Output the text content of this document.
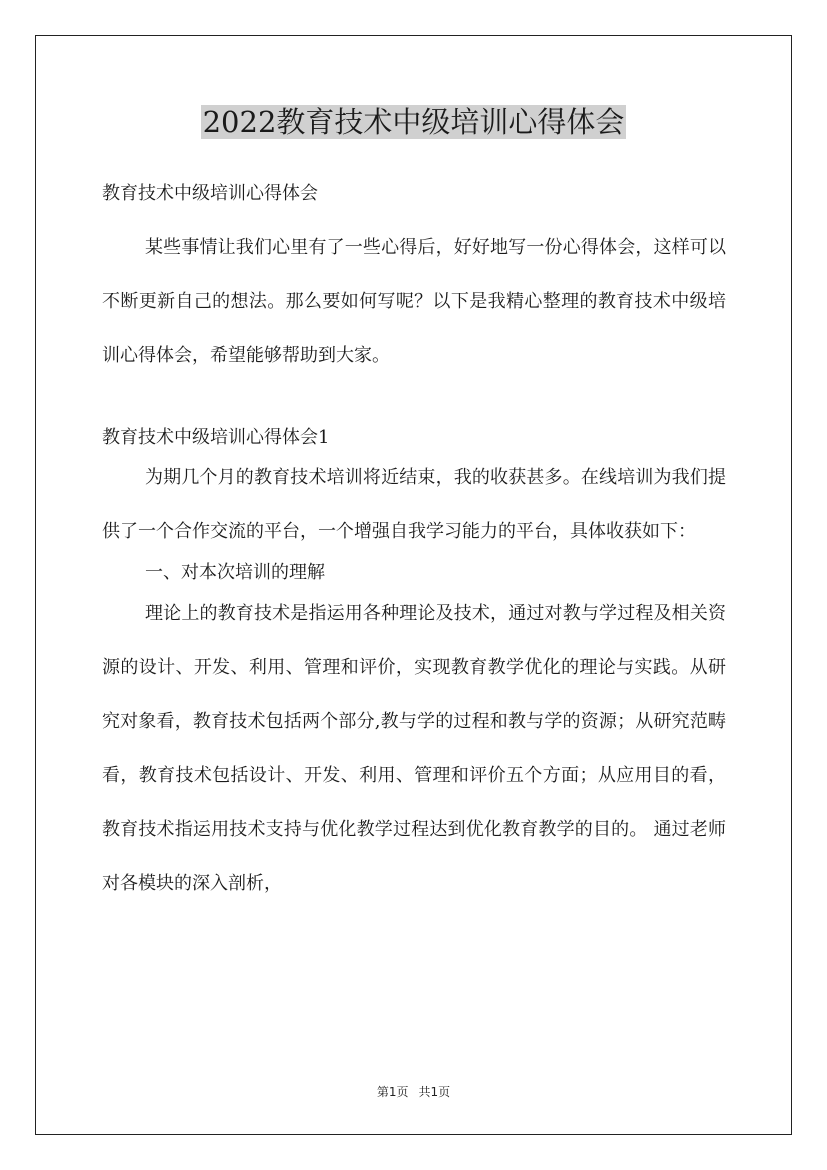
2022教育技术中级培训心得体会

教育技术中级培训心得体会

某些事情让我们心里有了一些心得后，好好地写一份心得体会，这样可以不断更新自己的想法。那么要如何写呢？以下是我精心整理的教育技术中级培训心得体会，希望能够帮助到大家。

教育技术中级培训心得体会1

为期几个月的教育技术培训将近结束，我的收获甚多。在线培训为我们提供了一个合作交流的平台，一个增强自我学习能力的平台，具体收获如下：

一、对本次培训的理解

理论上的教育技术是指运用各种理论及技术，通过对教与学过程及相关资源的设计、开发、利用、管理和评价，实现教育教学优化的理论与实践。从研究对象看，教育技术包括两个部分,教与学的过程和教与学的资源；从研究范畴看，教育技术包括设计、开发、利用、管理和评价五个方面；从应用目的看，教育技术指运用技术支持与优化教学过程达到优化教育教学的目的。 通过老师对各模块的深入剖析，

第1页 共1页
